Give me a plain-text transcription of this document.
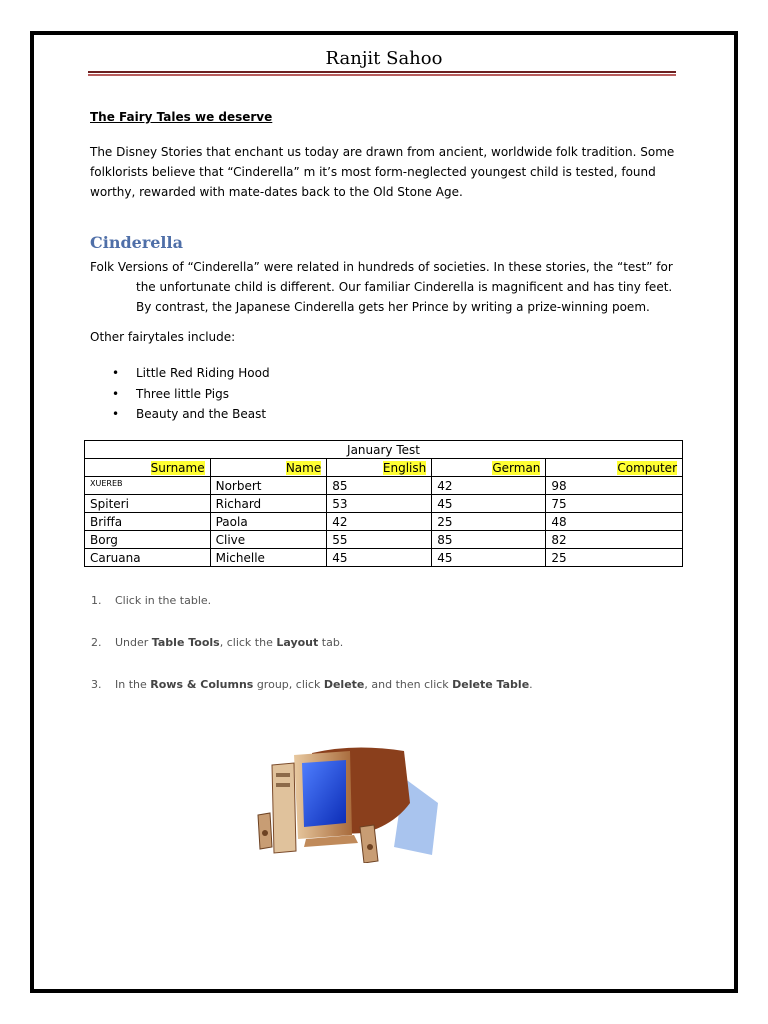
Ranjit Sahoo
The Fairy Tales we deserve
The Disney Stories that enchant us today are drawn from ancient, worldwide folk tradition. Some folklorists believe that “Cinderella” m it’s most form-neglected youngest child is tested, found worthy, rewarded with mate-dates back to the Old Stone Age.
Cinderella
Folk Versions of “Cinderella” were related in hundreds of societies. In these stories, the “test” for the unfortunate child is different. Our familiar Cinderella is magnificent and has tiny feet. By contrast, the Japanese Cinderella gets her Prince by writing a prize-winning poem.
Other fairytales include:
• Little Red Riding Hood
• Three little Pigs
• Beauty and the Beast
January Test				
Surname	Name	English	German	Computer
$^{XUEREB}$	Norbert	85	42	98
Spiteri	Richard	53	45	75
Briffa	Paola	42	25	48
Borg	Clive	55	85	82
Caruana	Michelle	45	45	25
1. Click in the table.
2. Under Table Tools, click the Layout tab.
3. In the Rows & Columns group, click Delete, and then click Delete Table.
